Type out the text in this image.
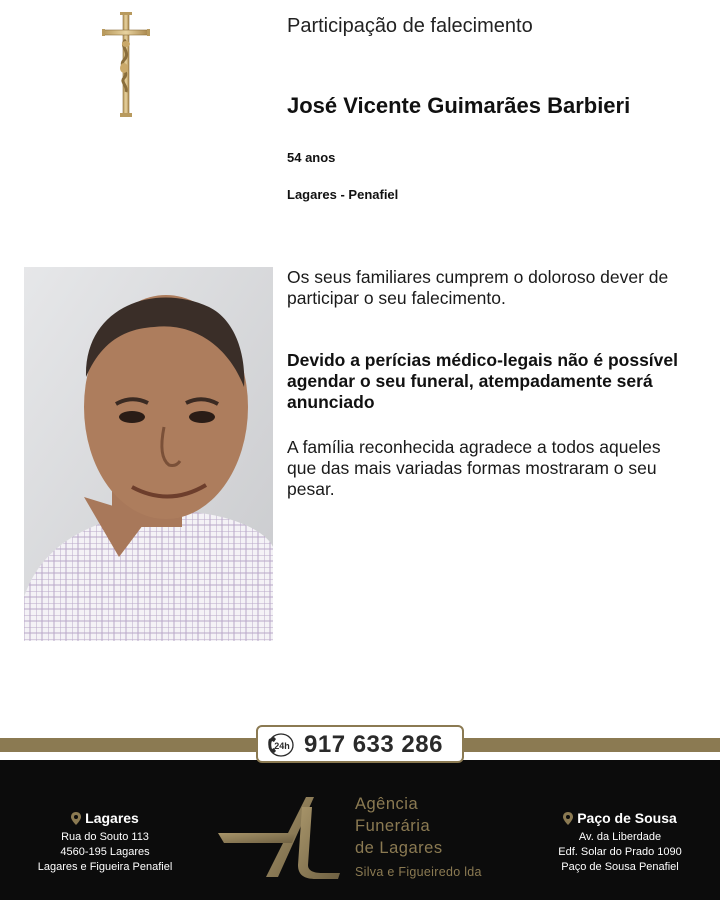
Participação de falecimento
José Vicente Guimarães Barbieri
54 anos
Lagares - Penafiel
Os seus familiares cumprem o doloroso dever de participar o seu falecimento.
Devido a perícias médico-legais não é possível agendar o seu funeral, atempadamente será anunciado
A família reconhecida agradece a todos aqueles que das mais variadas formas mostraram o seu pesar.
24h 917 633 286
Lagares
Rua do Souto 113
4560-195 Lagares
Lagares e Figueira Penafiel
Agência
Funerária
de Lagares
Silva e Figueiredo lda
Paço de Sousa
Av. da Liberdade
Edf. Solar do Prado 1090
Paço de Sousa Penafiel
